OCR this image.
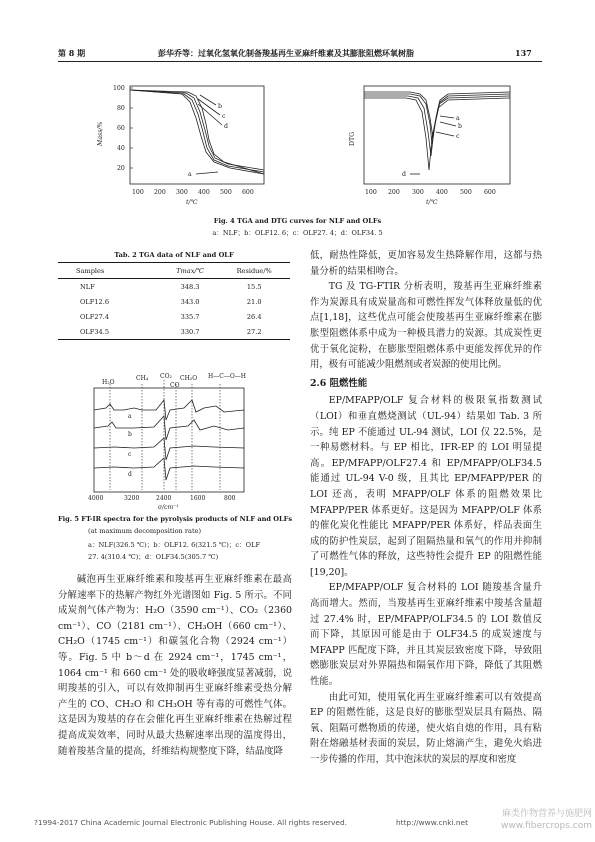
第 8 期	彭华乔等：过氧化氢氧化制备羧基再生亚麻纤维素及其膨胀阻燃环氧树脂	137
100
80
60
40
20
100 200 300 400 500 600
t/℃
Mass/%
a
b
c
d
100 200 300 400 500 600
t/℃
DTG
a
b
c
d
Fig. 4 TGA and DTG curves for NLF and OLFs
a：NLF；b：OLF12. 6；c：OLF27. 4；d：OLF34. 5
Tab. 2 TGA data of NLF and OLF
Samples	Tmax/℃	Residue/%
NLF	348.3	15.5
OLF12.6	343.0	21.0
OLF27.4	335.7	26.4
OLF34.5	330.7	27.2
H₂O
CH₄ CO₂ CH₂O
CO
H—C—O—H
4000	3200	2400	1600	800
σ/cm⁻¹
a
b
c
d
Fig. 5 FT-IR spectra for the pyrolysis products of NLF and OLFs
(at maximum decomposition rate)
a：NLF(326.5 ℃)；b：OLF12. 6(321.5 ℃)；c：OLF
27. 4(310.4 ℃)；d：OLF34.5(305.7 ℃)

碱泡再生亚麻纤维素和羧基再生亚麻纤维素在最高分解速率下的热解产物红外光谱图如 Fig. 5 所示。不同成炭剂气体产物为：H₂O（3590 cm⁻¹）、CO₂（2360 cm⁻¹）、CO（2181 cm⁻¹）、CH₃OH（660 cm⁻¹）、CH₂O（1745 cm⁻¹）和碳氢化合物（2924 cm⁻¹）等。Fig. 5 中 b～d 在 2924 cm⁻¹，1745 cm⁻¹，1064 cm⁻¹ 和 660 cm⁻¹ 处的吸收峰强度显著减弱，说明羧基的引入，可以有效抑制再生亚麻纤维素受热分解产生的 CO、CH₂O 和 CH₃OH 等有毒的可燃性气体。这是因为羧基的存在会催化再生亚麻纤维素在热解过程提高成炭效率，同时从最大热解速率出现的温度得出，随着羧基含量的提高，纤维结构规整度下降，结晶度降

低，耐热性降低，更加容易发生热降解作用，这都与热量分析的结果相吻合。

TG 及 TG-FTIR 分析表明，羧基再生亚麻纤维素作为炭源具有成炭量高和可燃性挥发气体释放量低的优点[1,18]，这些优点可能会使羧基再生亚麻纤维素在膨胀型阻燃体系中成为一种极具潜力的炭源。其成炭性更优于氧化淀粉，在膨胀型阻燃体系中更能发挥优异的作用，极有可能减少阻燃剂或者炭源的使用比例。

2.6 阻燃性能

EP/MFAPP/OLF 复合材料的极限氧指数测试（LOI）和垂直燃烧测试（UL-94）结果如 Tab. 3 所示。纯 EP 不能通过 UL-94 测试，LOI 仅 22.5%，是一种易燃材料。与 EP 相比，IFR-EP 的 LOI 明显提高。EP/MFAPP/OLF27.4 和 EP/MFAPP/OLF34.5 能通过 UL-94 V-0 级，且其比 EP/MFAPP/PER 的 LOI 还高，表明 MFAPP/OLF 体系的阻燃效果比 MFAPP/PER 体系更好。这是因为 MFAPP/OLF 体系的催化炭化性能比 MFAPP/PER 体系好，样品表面生成的防护性炭层，起到了阻隔热量和氧气的作用并抑制了可燃性气体的释放，这些特性会提升 EP 的阻燃性能[19,20]。

EP/MFAPP/OLF 复合材料的 LOI 随羧基含量升高而增大。然而，当羧基再生亚麻纤维素中羧基含量超过 27.4% 时，EP/MFAPP/OLF34.5 的 LOI 数值反而下降，其原因可能是由于 OLF34.5 的成炭速度与 MFAPP 匹配度下降，并且其炭层致密度下降，导致阻燃膨胀炭层对外界隔热和隔氧作用下降，降低了其阻燃性能。

由此可知，使用氧化再生亚麻纤维素可以有效提高 EP 的阻燃性能，这是良好的膨胀型炭层具有隔热、隔氧、阻隔可燃物质的传递，使火焰自熄的作用，具有粘附在熔融基材表面的炭层，防止熔滴产生，避免火焰进一步传播的作用，其中泡沫状的炭层的厚度和密度

?1994-2017 China Academic Journal Electronic Publishing House. All rights reserved.	http://www.cnki.net
麻类作物营养与施肥网 www.fibercrops.com
